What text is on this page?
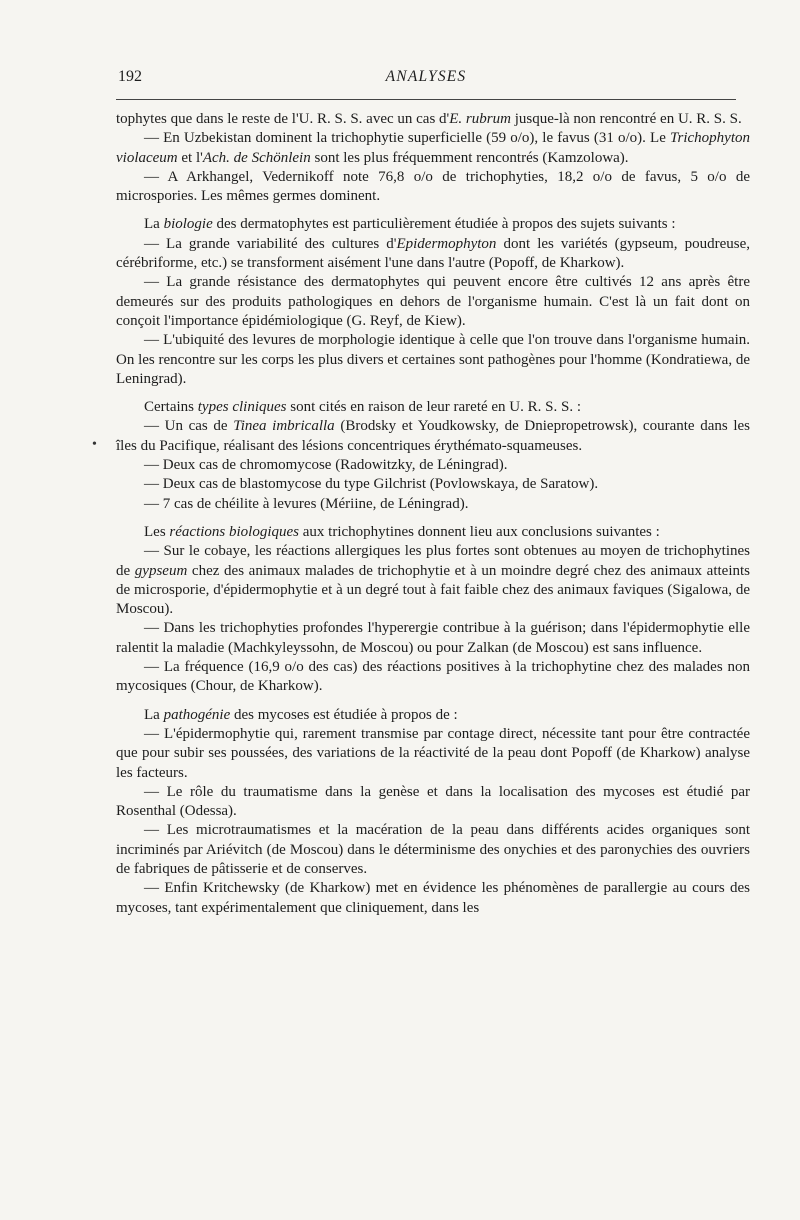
192	ANALYSES

tophytes que dans le reste de l'U. R. S. S. avec un cas d'E. rubrum jusque-là non rencontré en U. R. S. S.

— En Uzbekistan dominent la trichophytie superficielle (59 o/o), le favus (31 o/o). Le Trichophyton violaceum et l'Ach. de Schönlein sont les plus fréquemment rencontrés (Kamzolowa).

— A Arkhangel, Vedernikoff note 76,8 o/o de trichophyties, 18,2 o/o de favus, 5 o/o de microspories. Les mêmes germes dominent.

La biologie des dermatophytes est particulièrement étudiée à propos des sujets suivants :

— La grande variabilité des cultures d'Epidermophyton dont les variétés (gypseum, poudreuse, cérébriforme, etc.) se transforment aisément l'une dans l'autre (Popoff, de Kharkow).

— La grande résistance des dermatophytes qui peuvent encore être cultivés 12 ans après être demeurés sur des produits pathologiques en dehors de l'organisme humain. C'est là un fait dont on conçoit l'importance épidémiologique (G. Reyf, de Kiew).

— L'ubiquité des levures de morphologie identique à celle que l'on trouve dans l'organisme humain. On les rencontre sur les corps les plus divers et certaines sont pathogènes pour l'homme (Kondratiewa, de Leningrad).

Certains types cliniques sont cités en raison de leur rareté en U. R. S. S. :

— Un cas de Tinea imbricalla (Brodsky et Youdkowsky, de Dniepropetrowsk), courante dans les îles du Pacifique, réalisant des lésions concentriques érythémato-squameuses.

— Deux cas de chromomycose (Radowitzky, de Léningrad).

— Deux cas de blastomycose du type Gilchrist (Povlowskaya, de Saratow).

— 7 cas de chéilite à levures (Mériine, de Léningrad).

Les réactions biologiques aux trichophytines donnent lieu aux conclusions suivantes :

— Sur le cobaye, les réactions allergiques les plus fortes sont obtenues au moyen de trichophytines de gypseum chez des animaux malades de trichophytie et à un moindre degré chez des animaux atteints de microsporie, d'épidermophytie et à un degré tout à fait faible chez des animaux faviques (Sigalowa, de Moscou).

— Dans les trichophyties profondes l'hyperergie contribue à la guérison; dans l'épidermophytie elle ralentit la maladie (Machkyleyssohn, de Moscou) ou pour Zalkan (de Moscou) est sans influence.

— La fréquence (16,9 o/o des cas) des réactions positives à la trichophytine chez des malades non mycosiques (Chour, de Kharkow).

La pathogénie des mycoses est étudiée à propos de :

— L'épidermophytie qui, rarement transmise par contage direct, nécessite tant pour être contractée que pour subir ses poussées, des variations de la réactivité de la peau dont Popoff (de Kharkow) analyse les facteurs.

— Le rôle du traumatisme dans la genèse et dans la localisation des mycoses est étudié par Rosenthal (Odessa).

— Les microtraumatismes et la macération de la peau dans différents acides organiques sont incriminés par Ariévitch (de Moscou) dans le déterminisme des onychies et des paronychies des ouvriers de fabriques de pâtisserie et de conserves.

— Enfin Kritchewsky (de Kharkow) met en évidence les phénomènes de parallergie au cours des mycoses, tant expérimentalement que cliniquement, dans les

•
